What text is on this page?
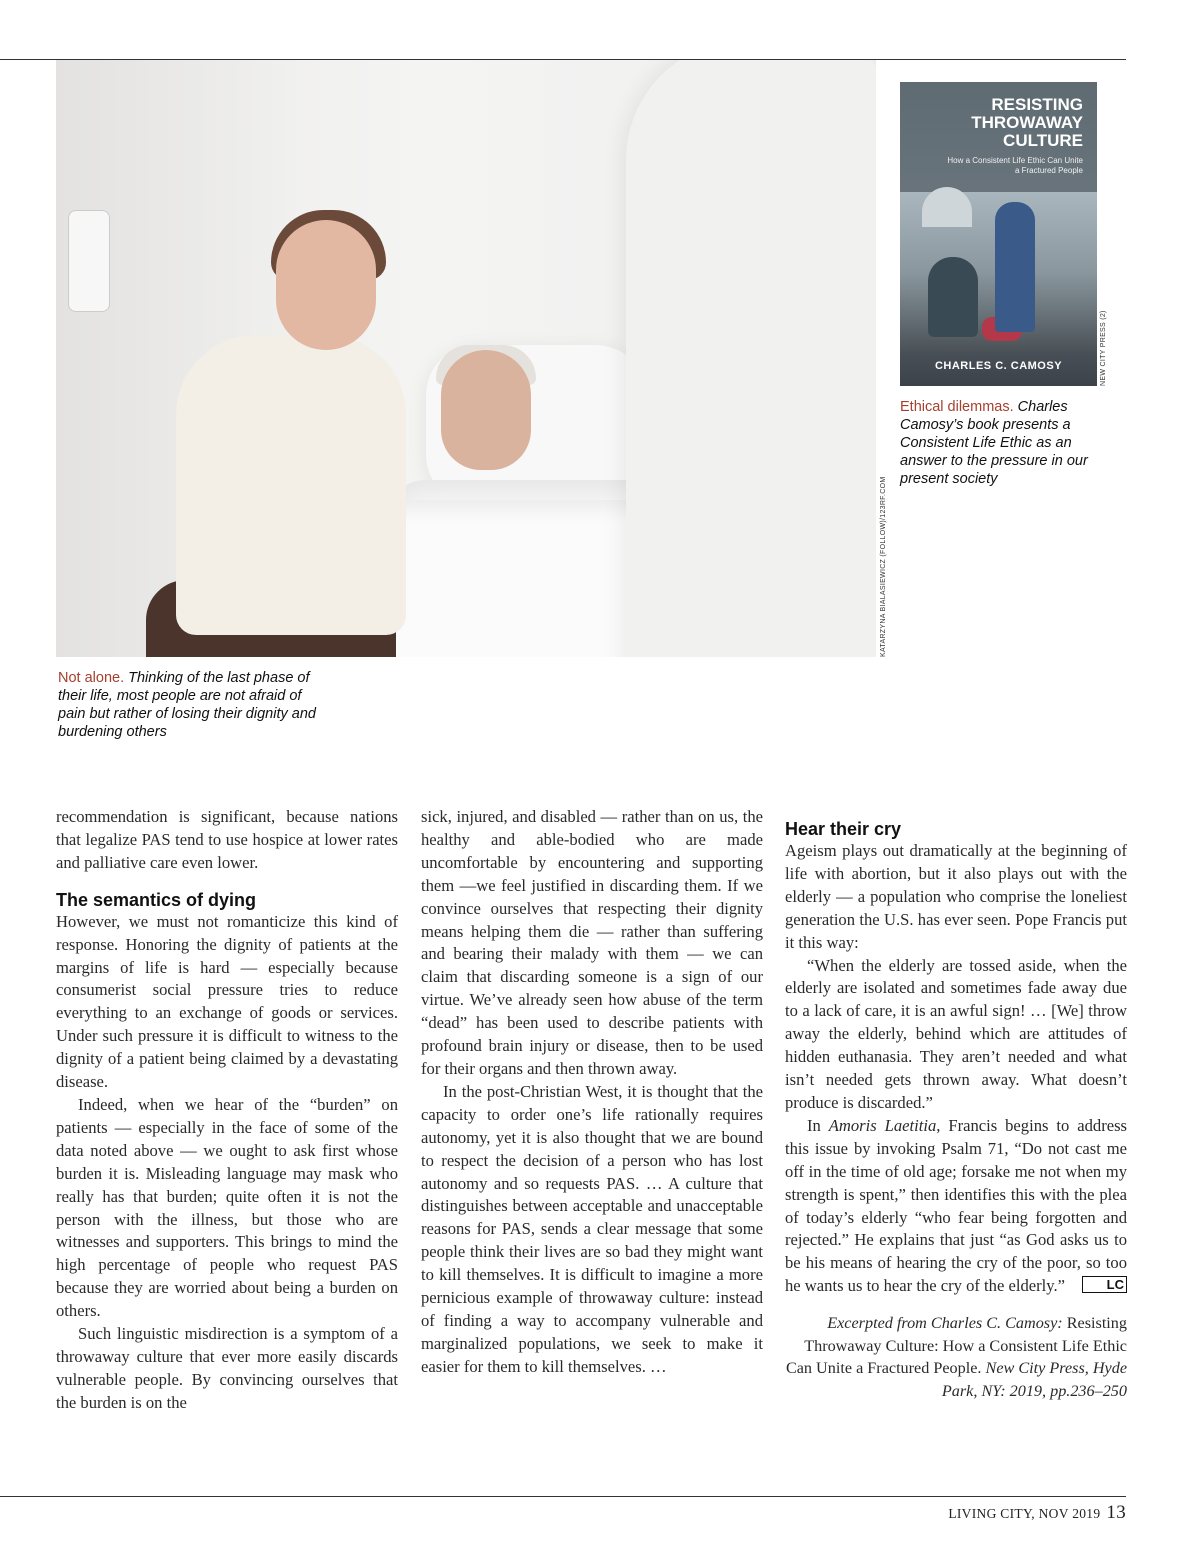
KATARZYNA BIALASIEWICZ (FOLLOW)/123RF.COM
RESISTING
THROWAWAY
CULTURE
How a Consistent Life Ethic Can Unite a Fractured People
CHARLES C. CAMOSY	NEW CITY PRESS (2)
Ethical dilemmas. Charles Camosy’s book presents a Consistent Life Ethic as an answer to the pressure in our present society
Not alone. Thinking of the last phase of their life, most people are not afraid of pain but rather of losing their dignity and burdening others

recommendation is significant, because nations that legalize PAS tend to use hospice at lower rates and palliative care even lower.

The semantics of dying

However, we must not romanticize this kind of response. Honoring the dignity of patients at the margins of life is hard — especially because consumerist social pressure tries to reduce everything to an exchange of goods or services. Under such pressure it is difficult to witness to the dignity of a patient being claimed by a devastating disease.

Indeed, when we hear of the “burden” on patients — especially in the face of some of the data noted above — we ought to ask first whose burden it is. Misleading language may mask who really has that burden; quite often it is not the person with the illness, but those who are witnesses and supporters. This brings to mind the high percentage of people who request PAS because they are worried about being a burden on others.

Such linguistic misdirection is a symptom of a throwaway culture that ever more easily discards vulnerable people. By convincing ourselves that the burden is on the

sick, injured, and disabled — rather than on us, the healthy and able-bodied who are made uncomfortable by encountering and supporting them —we feel justified in discarding them. If we convince ourselves that respecting their dignity means helping them die — rather than suffering and bearing their malady with them — we can claim that discarding someone is a sign of our virtue. We’ve already seen how abuse of the term “dead” has been used to describe patients with profound brain injury or disease, then to be used for their organs and then thrown away.

In the post-Christian West, it is thought that the capacity to order one’s life rationally requires autonomy, yet it is also thought that we are bound to respect the decision of a person who has lost autonomy and so requests PAS. … A culture that distinguishes between acceptable and unacceptable reasons for PAS, sends a clear message that some people think their lives are so bad they might want to kill themselves. It is difficult to imagine a more pernicious example of throwaway culture: instead of finding a way to accompany vulnerable and marginalized populations, we seek to make it easier for them to kill themselves. …

Hear their cry

Ageism plays out dramatically at the beginning of life with abortion, but it also plays out with the elderly — a population who comprise the loneliest generation the U.S. has ever seen. Pope Francis put it this way:

“When the elderly are tossed aside, when the elderly are isolated and sometimes fade away due to a lack of care, it is an awful sign! … [We] throw away the elderly, behind which are attitudes of hidden euthanasia. They aren’t needed and what isn’t needed gets thrown away. What doesn’t produce is discarded.”

In Amoris Laetitia, Francis begins to address this issue by invoking Psalm 71, “Do not cast me off in the time of old age; forsake me not when my strength is spent,” then identifies this with the plea of today’s elderly “who fear being forgotten and rejected.” He explains that just “as God asks us to be his means of hearing the cry of the poor, so too he wants us to hear the cry of the elderly.”	LC

Excerpted from Charles C. Camosy: Resisting Throwaway Culture: How a Consistent Life Ethic Can Unite a Fractured People. New City Press, Hyde Park, NY: 2019, pp.236–250
LIVING CITY, NOV 2019 13
